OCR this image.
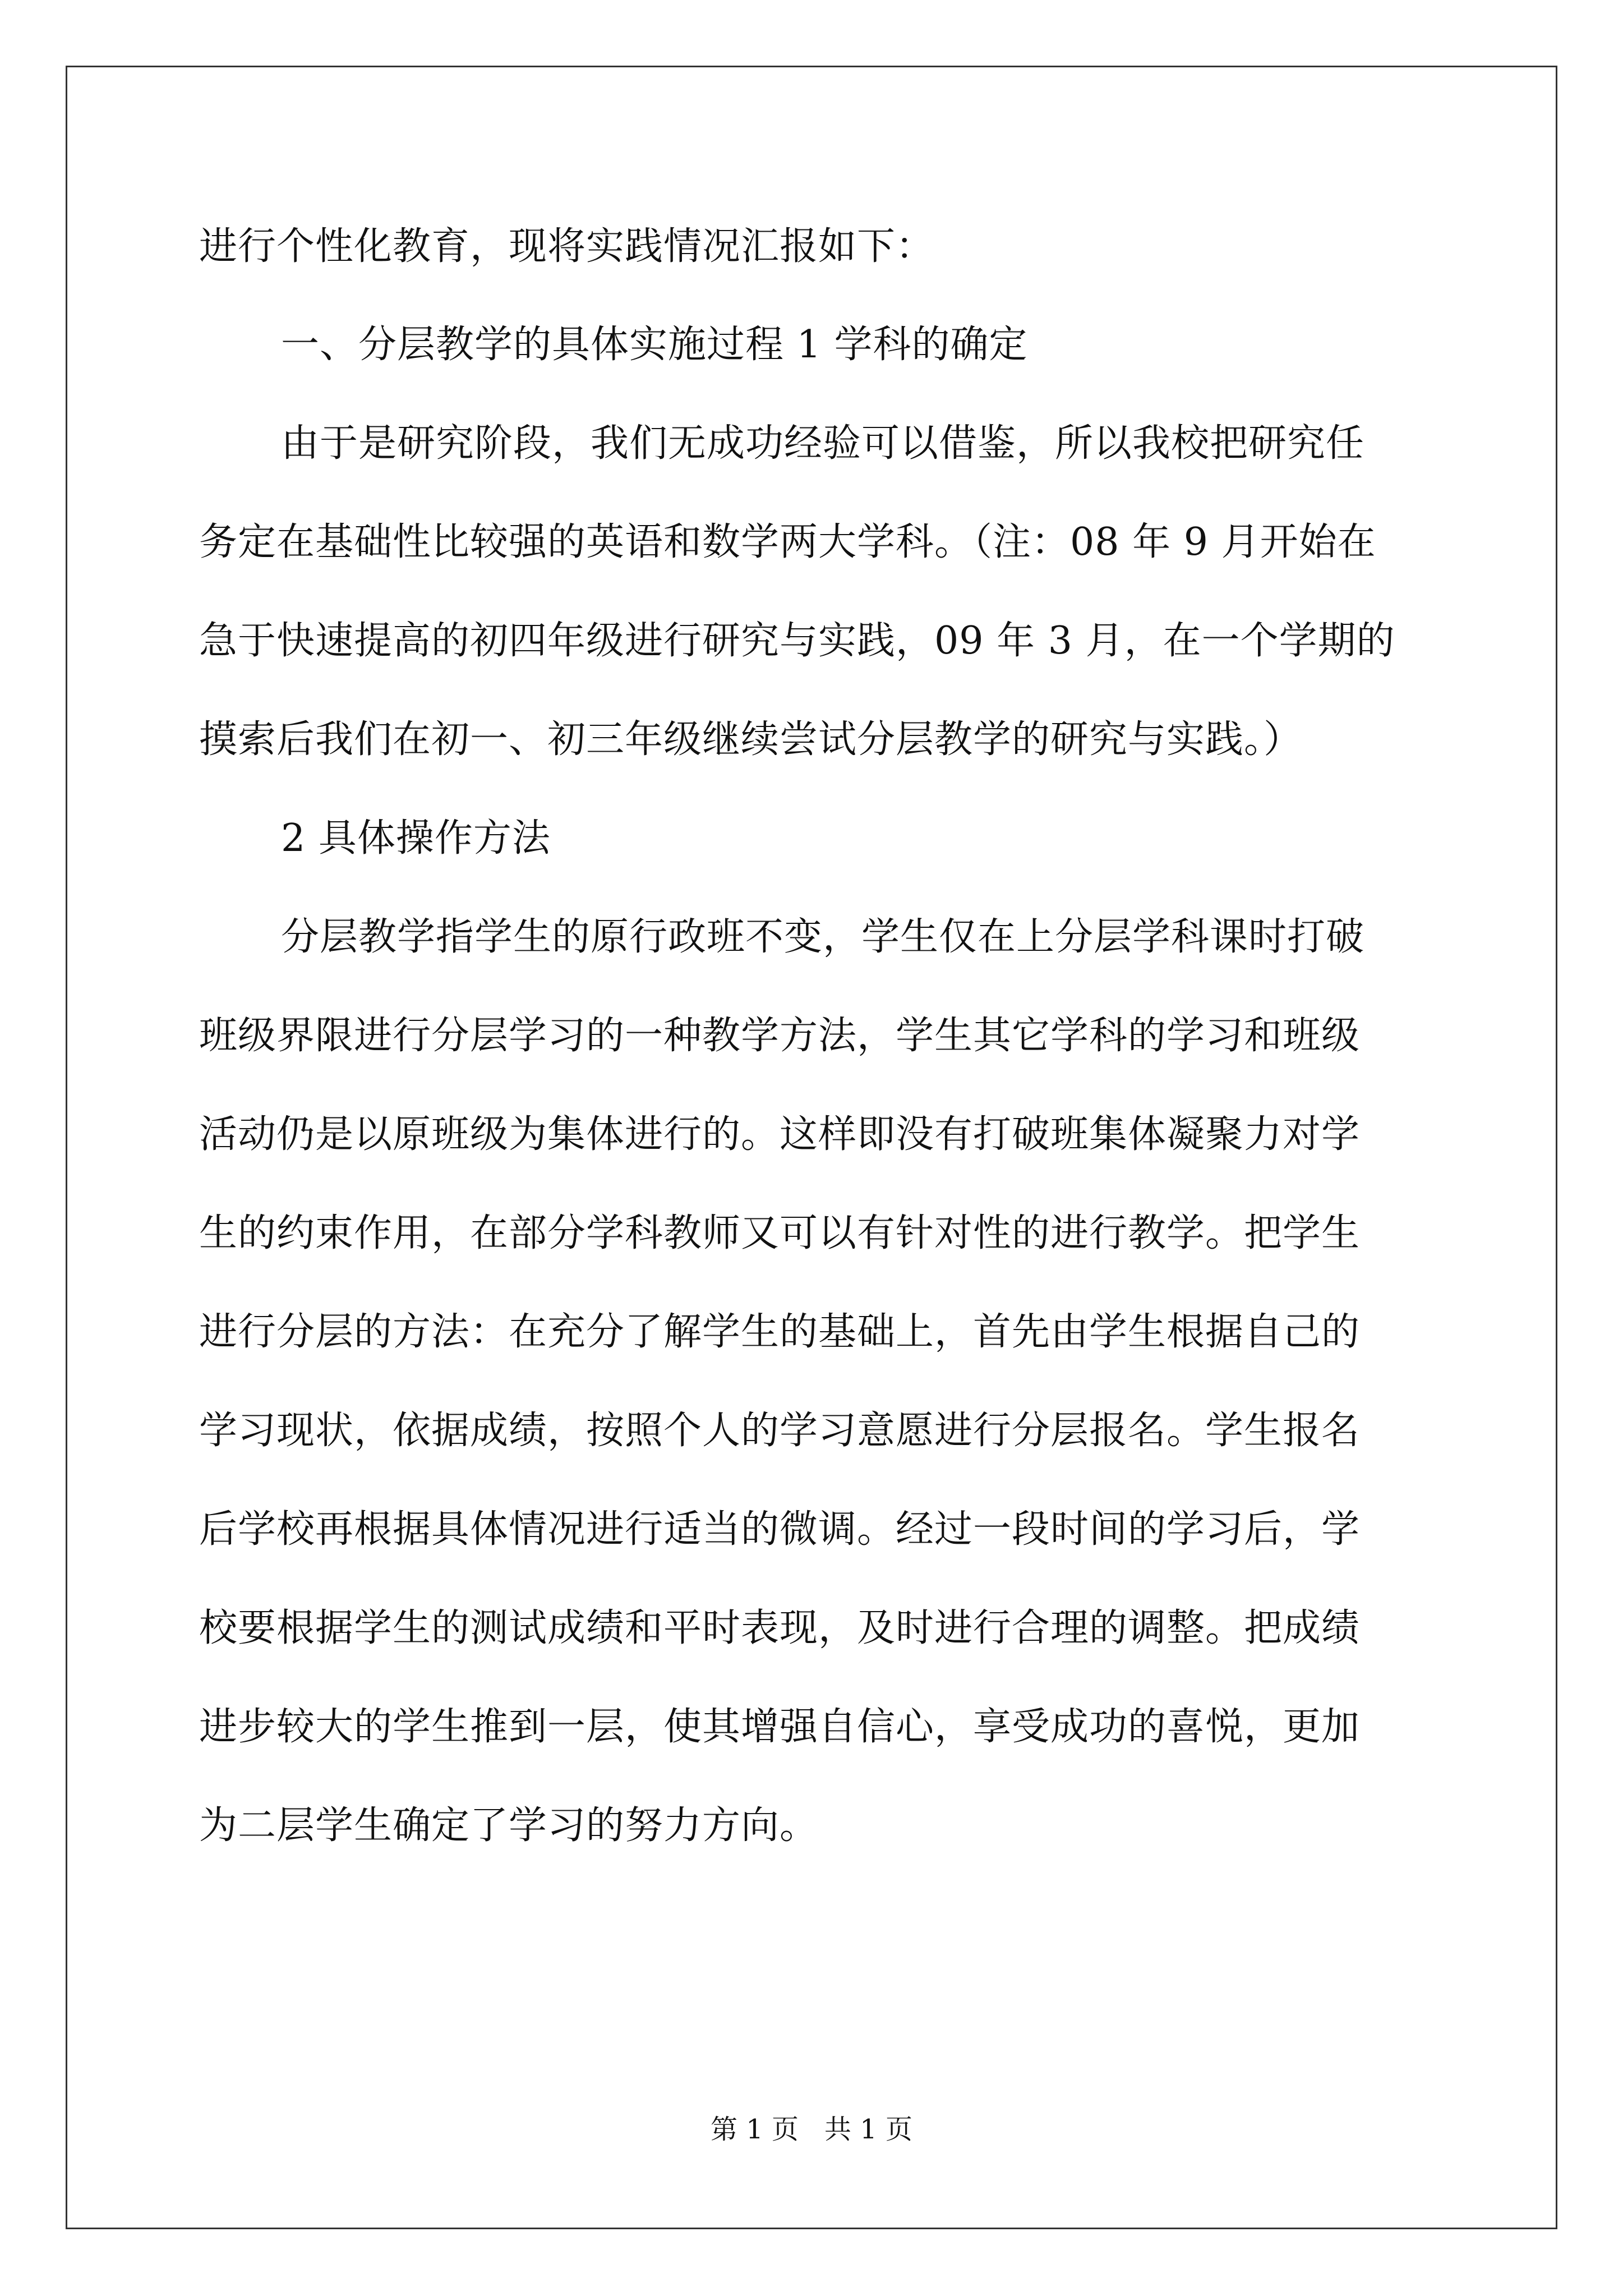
进行个性化教育，现将实践情况汇报如下：

一、分层教学的具体实施过程 1 学科的确定

由于是研究阶段，我们无成功经验可以借鉴，所以我校把研究任

务定在基础性比较强的英语和数学两大学科。（注：08 年 9 月开始在

急于快速提高的初四年级进行研究与实践，09 年 3 月，在一个学期的

摸索后我们在初一、初三年级继续尝试分层教学的研究与实践。）

2 具体操作方法

分层教学指学生的原行政班不变，学生仅在上分层学科课时打破

班级界限进行分层学习的一种教学方法，学生其它学科的学习和班级

活动仍是以原班级为集体进行的。这样即没有打破班集体凝聚力对学

生的约束作用，在部分学科教师又可以有针对性的进行教学。把学生

进行分层的方法：在充分了解学生的基础上，首先由学生根据自己的

学习现状，依据成绩，按照个人的学习意愿进行分层报名。学生报名

后学校再根据具体情况进行适当的微调。经过一段时间的学习后，学

校要根据学生的测试成绩和平时表现，及时进行合理的调整。把成绩

进步较大的学生推到一层，使其增强自信心，享受成功的喜悦，更加

为二层学生确定了学习的努力方向。

第 1 页 共 1 页
